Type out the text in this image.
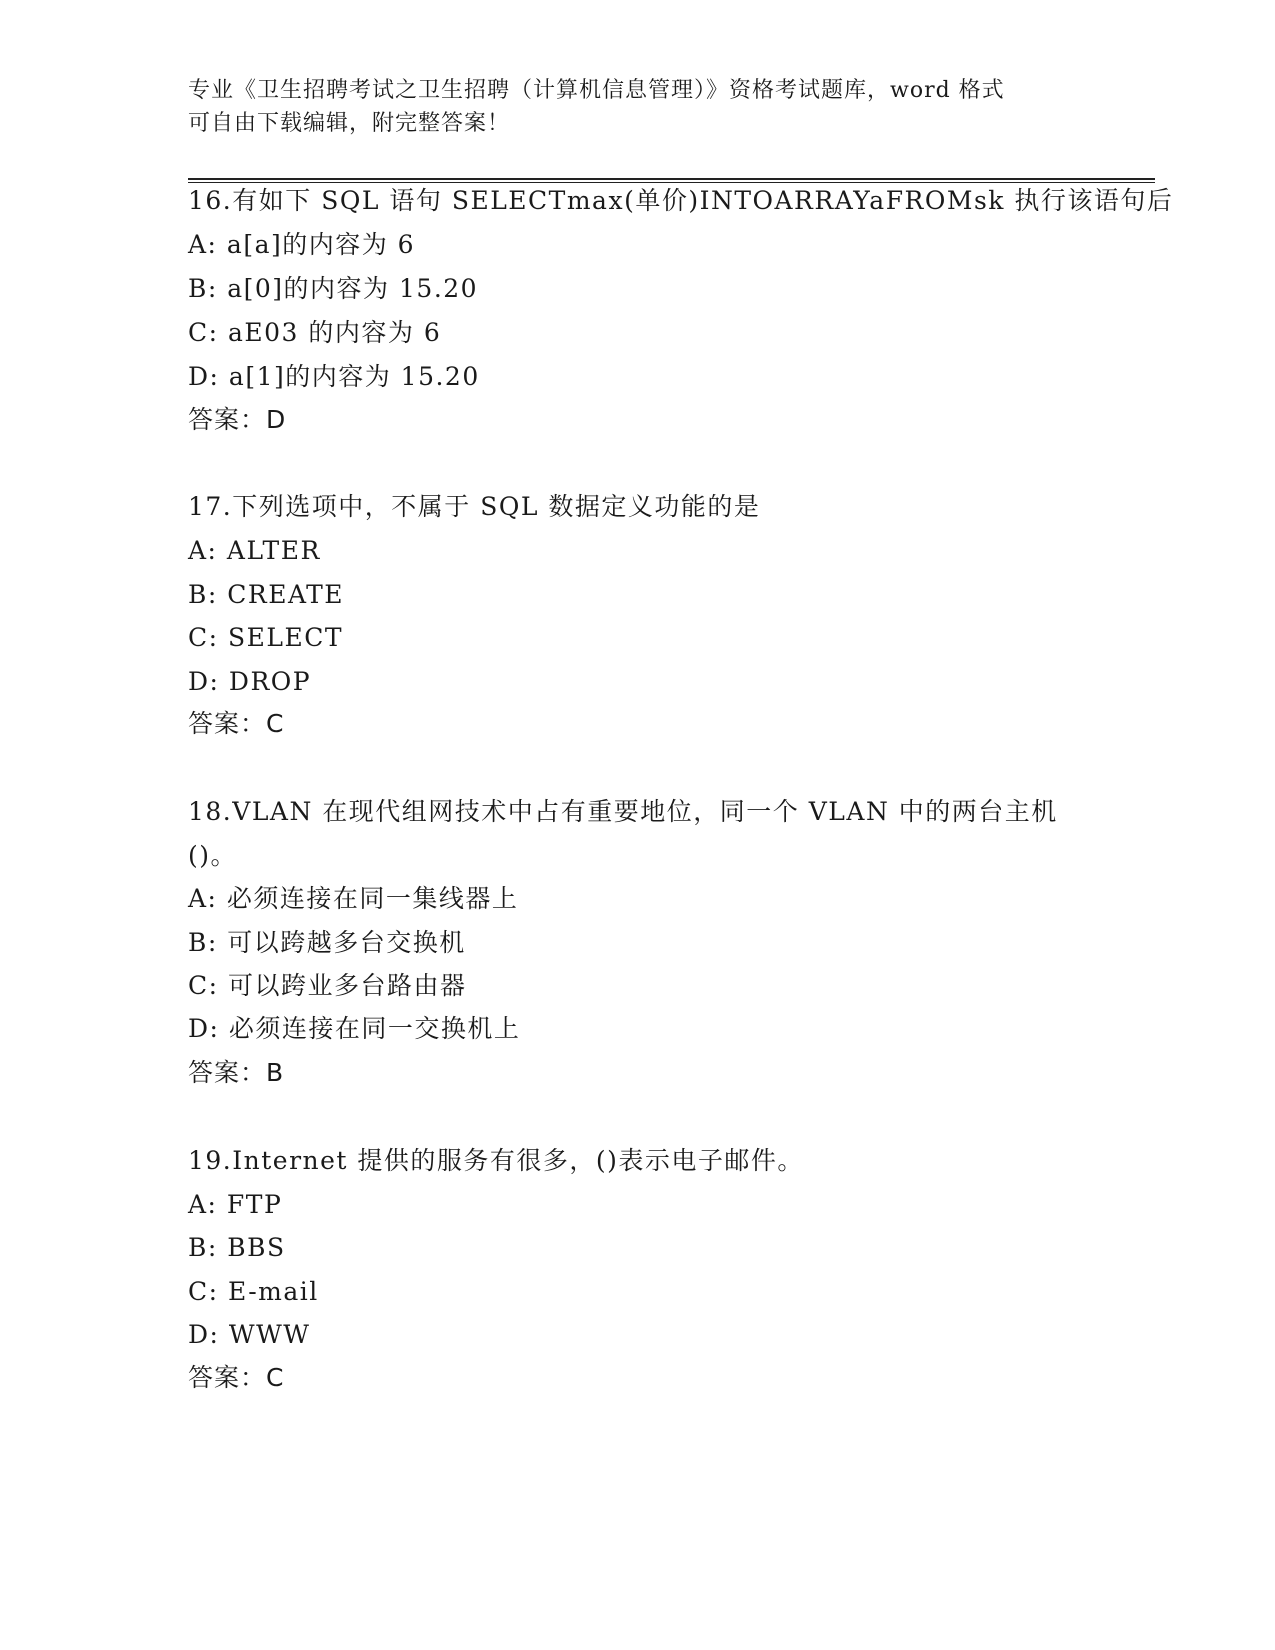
专业《卫生招聘考试之卫生招聘（计算机信息管理）》资格考试题库，word 格式
可自由下载编辑，附完整答案！
16.有如下 SQL 语句 SELECTmax(单价)INTOARRAYaFROMsk 执行该语句后
A: a[a]的内容为 6
B: a[0]的内容为 15.20
C: aE03 的内容为 6
D: a[1]的内容为 15.20
答案：D
17.下列选项中，不属于 SQL 数据定义功能的是
A: ALTER
B: CREATE
C: SELECT
D: DROP
答案：C
18.VLAN 在现代组网技术中占有重要地位，同一个 VLAN 中的两台主机
()。
A: 必须连接在同一集线器上
B: 可以跨越多台交换机
C: 可以跨业多台路由器
D: 必须连接在同一交换机上
答案：B
19.Internet 提供的服务有很多，()表示电子邮件。
A: FTP
B: BBS
C: E-mail
D: WWW
答案：C
